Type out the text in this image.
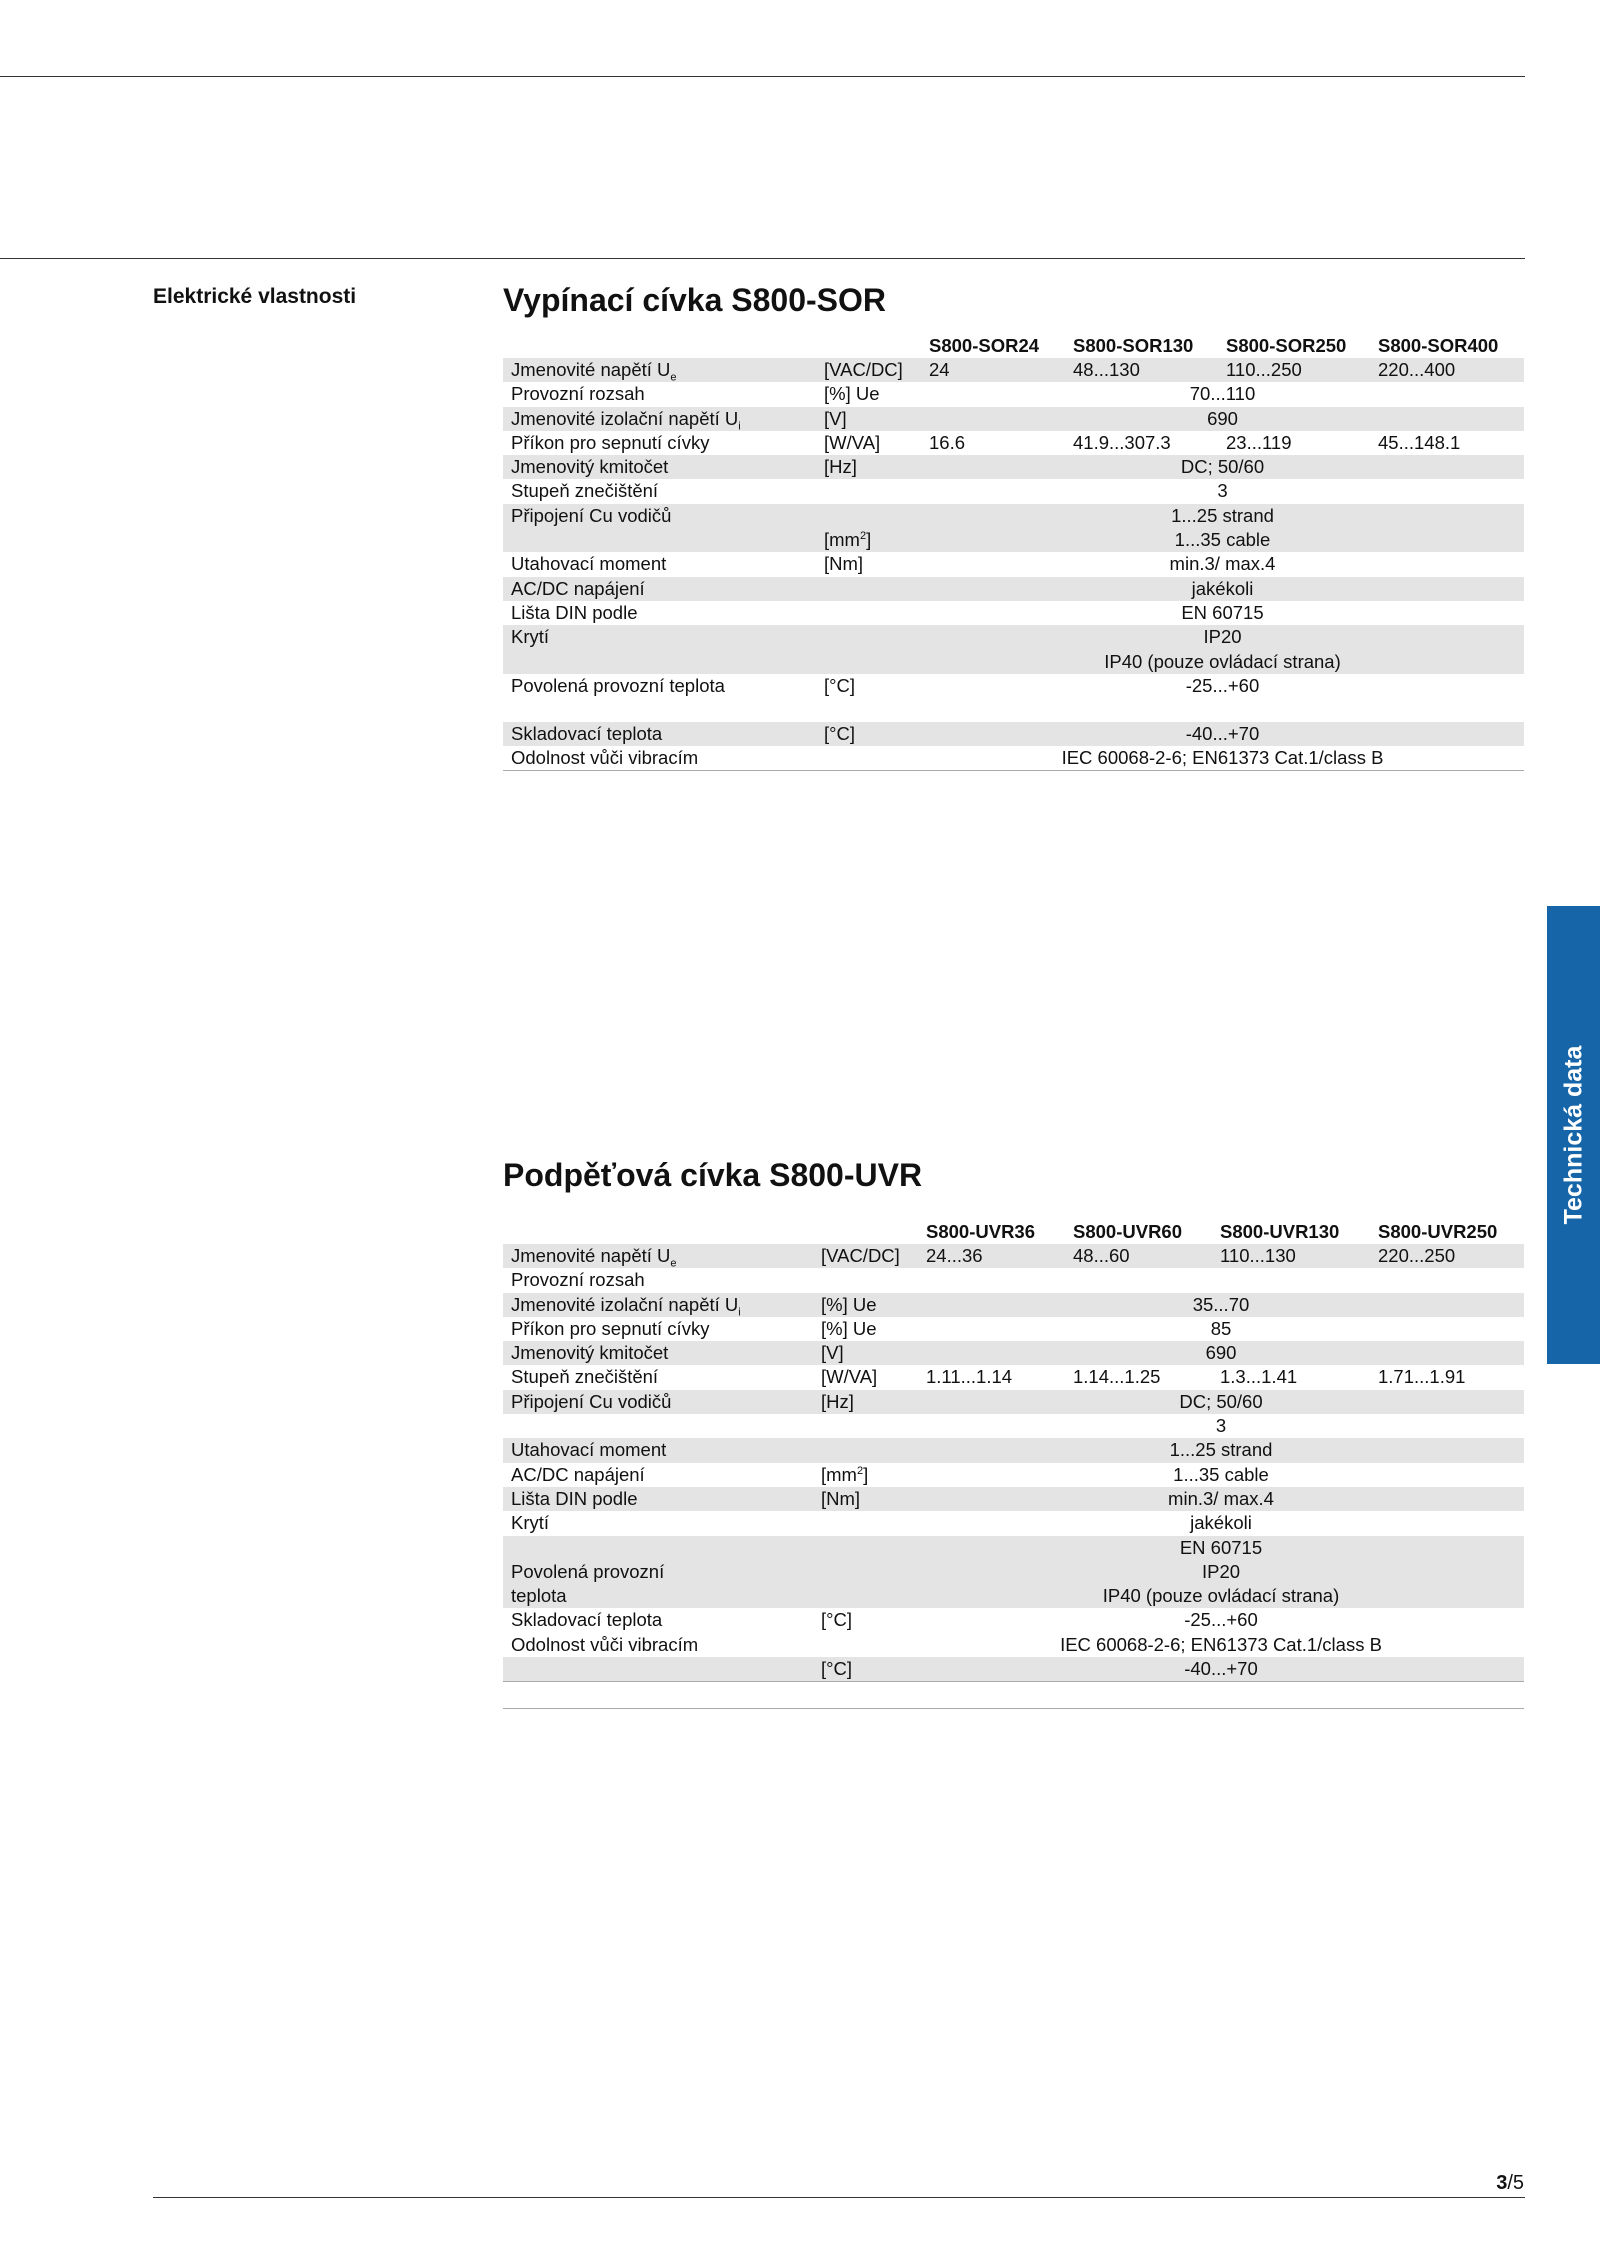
Elektrické vlastnosti	Vypínací cívka S800-SOR
		S800-SOR24	S800-SOR130	S800-SOR250	S800-SOR400
Jmenovité napětí $U_e$	[VAC/DC]	24	48...130	110...250	220...400
Provozní rozsah	[%] Ue	70...110			
Jmenovité izolační napětí $U_i$	[V]	690			
Příkon pro sepnutí cívky	[W/VA]	16.6	41.9...307.3	23...119	45...148.1
Jmenovitý kmitočet	[Hz]	DC; 50/60			
Stupeň znečištění		3			
Připojení Cu vodičů		1...25 strand			
	$[mm^2]$	1...35 cable			
Utahovací moment	[Nm]	min.3/ max.4			
AC/DC napájení		jakékoli			
Lišta DIN podle		EN 60715			
Krytí		IP20			
		IP40 (pouze ovládací strana)			
Povolená provozní teplota	[°C]	-25...+60			
Skladovací teplota	[°C]	-40...+70			
Odolnost vůči vibracím		IEC 60068-2-6; EN61373 Cat.1/class B			
Podpěťová cívka S800-UVR
		S800-UVR36	S800-UVR60	S800-UVR130	S800-UVR250
Jmenovité napětí $U_e$	[VAC/DC]	24...36	48...60	110...130	220...250
Provozní rozsah					
Jmenovité izolační napětí $U_i$	[%] Ue	35...70			
Příkon pro sepnutí cívky	[%] Ue	85			
Jmenovitý kmitočet	[V]	690			
Stupeň znečištění	[W/VA]	1.11...1.14	1.14...1.25	1.3...1.41	1.71...1.91
Připojení Cu vodičů	[Hz]	DC; 50/60			
		3			
Utahovací moment		1...25 strand			
AC/DC napájení	$[mm^2]$	1...35 cable			
Lišta DIN podle	[Nm]	min.3/ max.4			
Krytí		jakékoli			
		EN 60715			
Povolená provozní		IP20			
teplota		IP40 (pouze ovládací strana)			
Skladovací teplota	[°C]	-25...+60			
Odolnost vůči vibracím		IEC 60068-2-6; EN61373 Cat.1/class B			
	[°C]	-40...+70			
Technická data
3/5
